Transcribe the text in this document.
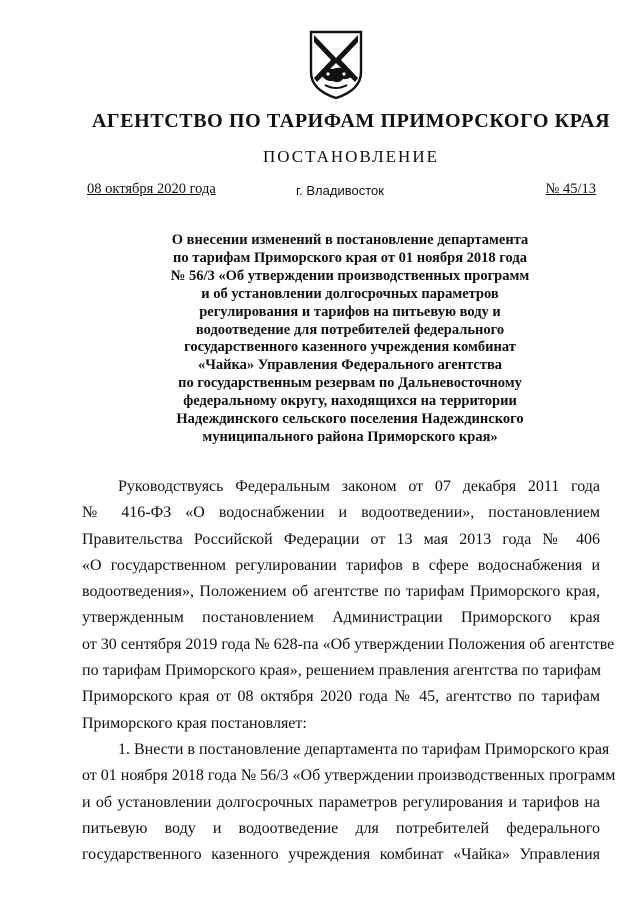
АГЕНТСТВО ПО ТАРИФАМ ПРИМОРСКОГО КРАЯ
ПОСТАНОВЛЕНИЕ
08 октября 2020 года	г. Владивосток	№ 45/13
О внесении изменений в постановление департамента
по тарифам Приморского края от 01 ноября 2018 года
№ 56/3 «Об утверждении производственных программ
и об установлении долгосрочных параметров
регулирования и тарифов на питьевую воду и
водоотведение для потребителей федерального
государственного казенного учреждения комбинат
«Чайка» Управления Федерального агентства
по государственным резервам по Дальневосточному
федеральному округу, находящихся на территории
Надеждинского сельского поселения Надеждинского
муниципального района Приморского края»
Руководствуясь Федеральным законом от 07 декабря 2011 года
№ 416-ФЗ «О водоснабжении и водоотведении», постановлением
Правительства Российской Федерации от 13 мая 2013 года № 406
«О государственном регулировании тарифов в сфере водоснабжения и
водоотведения», Положением об агентстве по тарифам Приморского края,
утвержденным постановлением Администрации Приморского края
от 30 сентября 2019 года № 628-па «Об утверждении Положения об агентстве
по тарифам Приморского края», решением правления агентства по тарифам
Приморского края от 08 октября 2020 года № 45, агентство по тарифам
Приморского края постановляет:
1. Внести в постановление департамента по тарифам Приморского края
от 01 ноября 2018 года № 56/3 «Об утверждении производственных программ
и об установлении долгосрочных параметров регулирования и тарифов на
питьевую воду и водоотведение для потребителей федерального
государственного казенного учреждения комбинат «Чайка» Управления
